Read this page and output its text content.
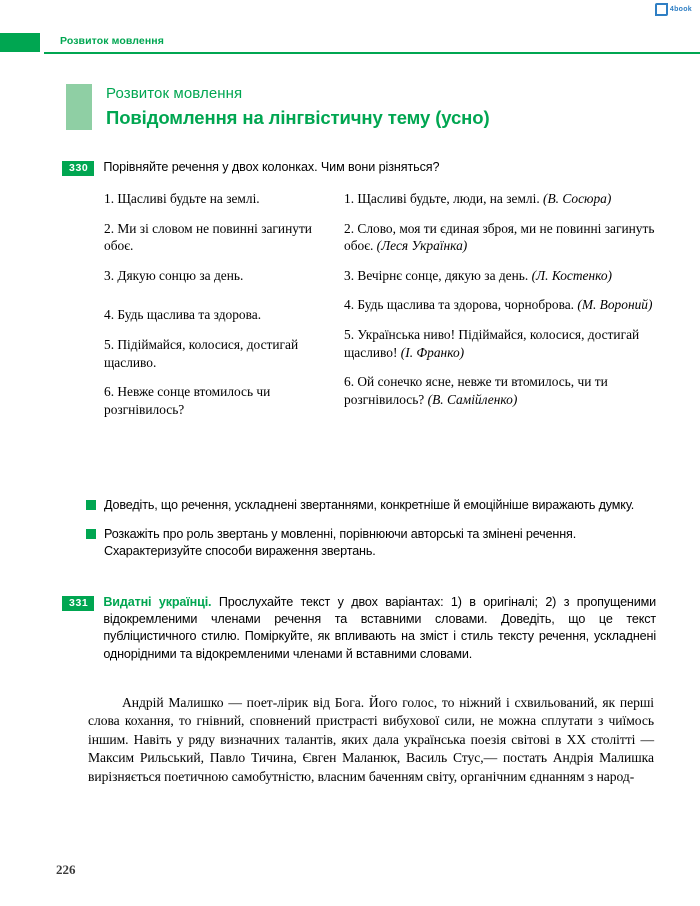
4book
Розвиток мовлення
Розвиток мовлення
Повідомлення на лінгвістичну тему (усно)
330	Порівняйте речення у двох колонках. Чим вони різняться?
1. Щасливі будьте на землі.
2. Ми зі словом не повинні загинути обоє.
3. Дякую сонцю за день.
4. Будь щаслива та здорова.
5. Підіймайся, колосися, достигай щасливо.
6. Невже сонце втомилось чи розгнівилось?
1. Щасливі будьте, люди, на землі. (В. Сосюра)
2. Слово, моя ти єдиная зброя, ми не повинні загинуть обоє. (Леся Українка)
3. Вечірнє сонце, дякую за день. (Л. Костенко)
4. Будь щаслива та здорова, чорноброва. (М. Вороний)
5. Українська ниво! Підіймайся, колосися, достигай щасливо! (І. Франко)
6. Ой сонечко ясне, невже ти втомилось, чи ти розгнівилось? (В. Самійленко)
Доведіть, що речення, ускладнені звертаннями, конкретніше й емоційніше виражають думку.
Розкажіть про роль звертань у мовленні, порівнюючи авторські та змінені речення. Схарактеризуйте способи вираження звертань.
331	Видатні українці. Прослухайте текст у двох варіантах: 1) в оригіналі; 2) з пропущеними відокремленими членами речення та вставними словами. Доведіть, що це текст публіцистичного стилю. Поміркуйте, як впливають на зміст і стиль тексту речення, ускладнені однорідними та відокремленими членами й вставними словами.
Андрій Малишко — поет-лірик від Бога. Його голос, то ніжний і схвильований, як перші слова кохання, то гнівний, сповнений пристрасті вибухової сили, не можна сплутати з чиїмось іншим. Навіть у ряду визначних талантів, яких дала українська поезія світові в ХХ столітті — Максим Рильський, Павло Тичина, Євген Маланюк, Василь Стус,— постать Андрія Малишка вирізняється поетичною самобутністю, власним баченням світу, органічним єднанням з народ-
226
